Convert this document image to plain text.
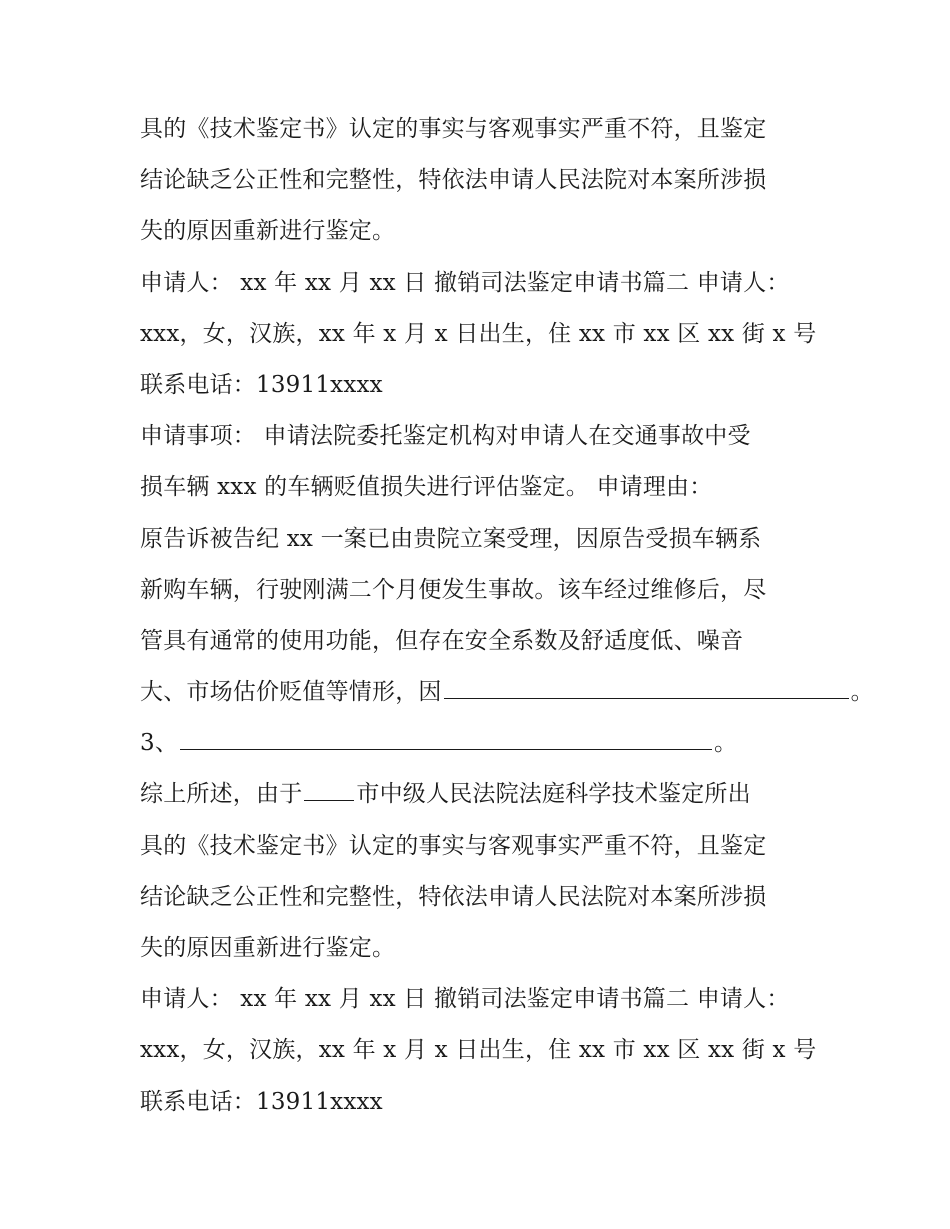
具的《技术鉴定书》认定的事实与客观事实严重不符，且鉴定
结论缺乏公正性和完整性，特依法申请人民法院对本案所涉损
失的原因重新进行鉴定。
申请人： xx 年 xx 月 xx 日 撤销司法鉴定申请书篇二 申请人：
xxx，女，汉族，xx 年 x 月 x 日出生，住 xx 市 xx 区 xx 街 x 号
联系电话：13911xxxx
申请事项： 申请法院委托鉴定机构对申请人在交通事故中受
损车辆 xxx 的车辆贬值损失进行评估鉴定。 申请理由：
原告诉被告纪 xx 一案已由贵院立案受理，因原告受损车辆系
新购车辆，行驶刚满二个月便发生事故。该车经过维修后，尽
管具有通常的使用功能，但存在安全系数及舒适度低、噪音
大、市场估价贬值等情形，因	。
3、	。
综上所述，由于 市中级人民法院法庭科学技术鉴定所出
具的《技术鉴定书》认定的事实与客观事实严重不符，且鉴定
结论缺乏公正性和完整性，特依法申请人民法院对本案所涉损
失的原因重新进行鉴定。
申请人： xx 年 xx 月 xx 日 撤销司法鉴定申请书篇二 申请人：
xxx，女，汉族，xx 年 x 月 x 日出生，住 xx 市 xx 区 xx 街 x 号
联系电话：13911xxxx
